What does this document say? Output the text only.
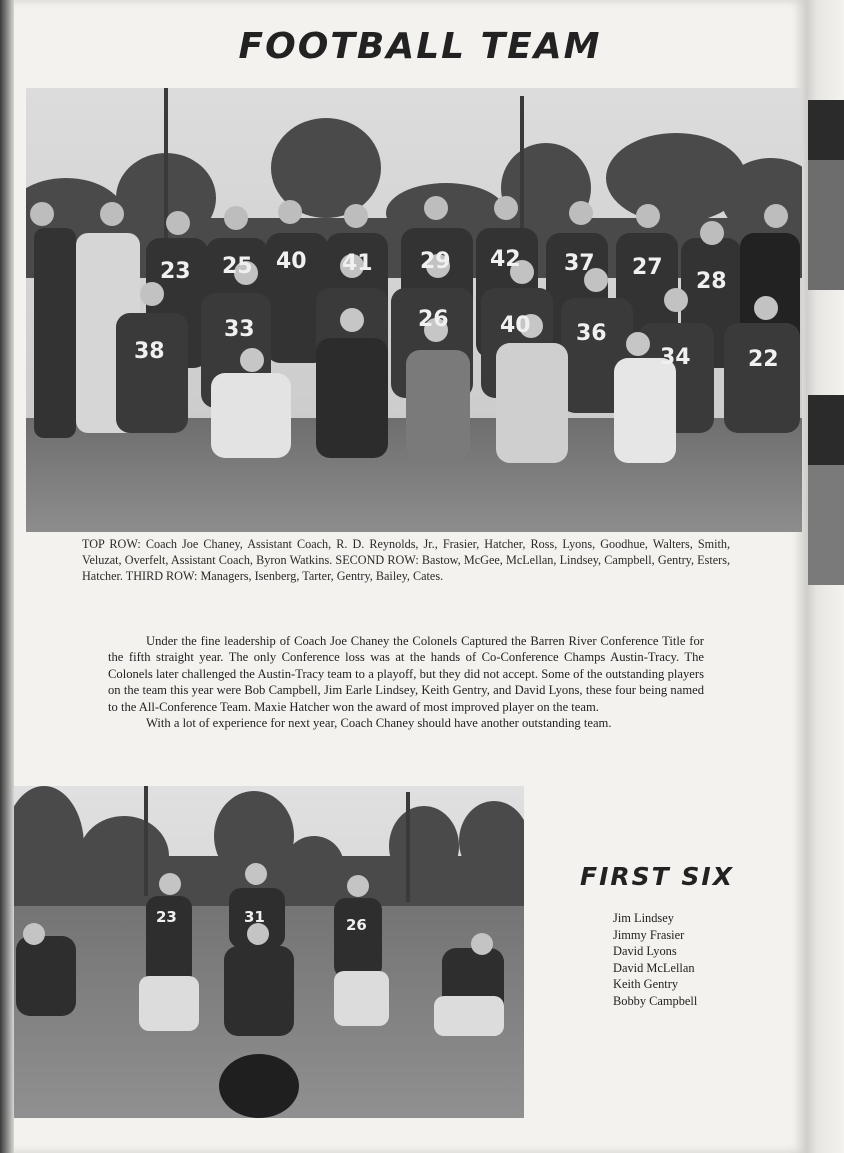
FOOTBALL TEAM
23 25 40 41 29 42 37 27
28
38
33	26 40 36
34	22
TOP ROW: Coach Joe Chaney, Assistant Coach, R. D. Reynolds, Jr., Frasier, Hatcher, Ross, Lyons, Goodhue, Walters, Smith, Veluzat, Overfelt, Assistant Coach, Byron Watkins. SECOND ROW: Bastow, McGee, McLellan, Lindsey, Campbell, Gentry, Esters, Hatcher. THIRD ROW: Managers, Isenberg, Tarter, Gentry, Bailey, Cates.

Under the fine leadership of Coach Joe Chaney the Colonels Captured the Barren River Conference Title for the fifth straight year. The only Conference loss was at the hands of Co-Conference Champs Austin-Tracy. The Colonels later challenged the Austin-Tracy team to a playoff, but they did not accept. Some of the outstanding players on the team this year were Bob Campbell, Jim Earle Lindsey, Keith Gentry, and David Lyons, these four being named to the All-Conference Team. Maxie Hatcher won the award of most improved player on the team.

With a lot of experience for next year, Coach Chaney should have another outstanding team.

23	31	26
FIRST SIX
Jim Lindsey
Jimmy Frasier
David Lyons
David McLellan
Keith Gentry
Bobby Campbell
